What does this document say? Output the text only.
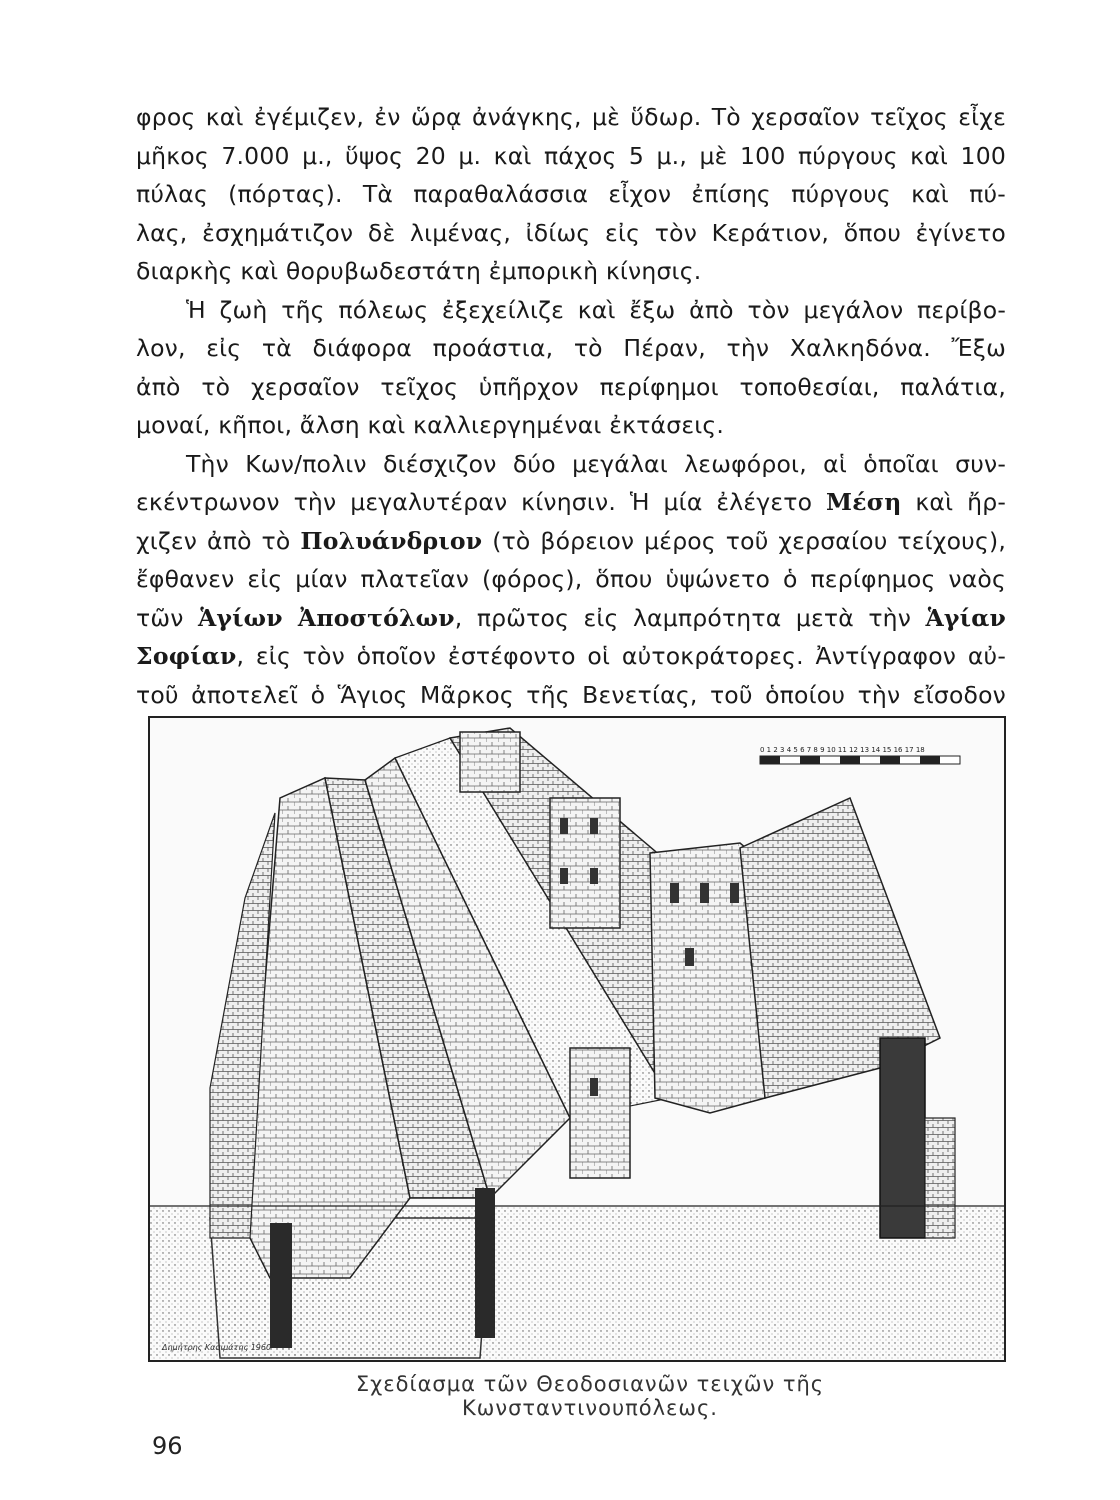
φρος καὶ ἐγέμιζεν, ἐν ὥρᾳ ἀνάγκης, μὲ ὕδωρ. Τὸ χερσαῖον τεῖχος εἶχε
μῆκος 7.000 μ., ὕψος 20 μ. καὶ πάχος 5 μ., μὲ 100 πύργους καὶ 100
πύλας (πόρτας). Τὰ παραθαλάσσια εἶχον ἐπίσης πύργους καὶ πύ-
λας, ἐσχημάτιζον δὲ λιμένας, ἰδίως εἰς τὸν Κεράτιον, ὅπου ἐγίνετο
διαρκὴς καὶ θορυβωδεστάτη ἐμπορικὴ κίνησις.
Ἡ ζωὴ τῆς πόλεως ἐξεχείλιζε καὶ ἔξω ἀπὸ τὸν μεγάλον περίβο-
λον, εἰς τὰ διάφορα προάστια, τὸ Πέραν, τὴν Χαλκηδόνα. Ἔξω
ἀπὸ τὸ χερσαῖον τεῖχος ὑπῆρχον περίφημοι τοποθεσίαι, παλάτια,
μοναί, κῆποι, ἄλση καὶ καλλιεργημέναι ἐκτάσεις.
Τὴν Κων/πολιν διέσχιζον δύο μεγάλαι λεωφόροι, αἱ ὁποῖαι συν-
εκέντρωνον τὴν μεγαλυτέραν κίνησιν. Ἡ μία ἐλέγετο Μέση καὶ ἤρ-
χιζεν ἀπὸ τὸ Πολυάνδριον (τὸ βόρειον μέρος τοῦ χερσαίου τείχους),
ἔφθανεν εἰς μίαν πλατεῖαν (φόρος), ὅπου ὑψώνετο ὁ περίφημος ναὸς
τῶν Ἁγίων Ἀποστόλων, πρῶτος εἰς λαμπρότητα μετὰ τὴν Ἁγίαν
Σοφίαν, εἰς τὸν ὁποῖον ἐστέφοντο οἱ αὐτοκράτορες. Ἀντίγραφον αὐ-
τοῦ ἀποτελεῖ ὁ Ἅγιος Μᾶρκος τῆς Βενετίας, τοῦ ὁποίου τὴν εἴσοδον
0 1 2 3 4 5 6 7 8 9 10 11 12 13 14 15 16 17 18
Δημήτρης Κασιμάτης 1960
Σχεδίασμα τῶν Θεοδοσιανῶν τειχῶν τῆς Κωνσταντινουπόλεως.
96
